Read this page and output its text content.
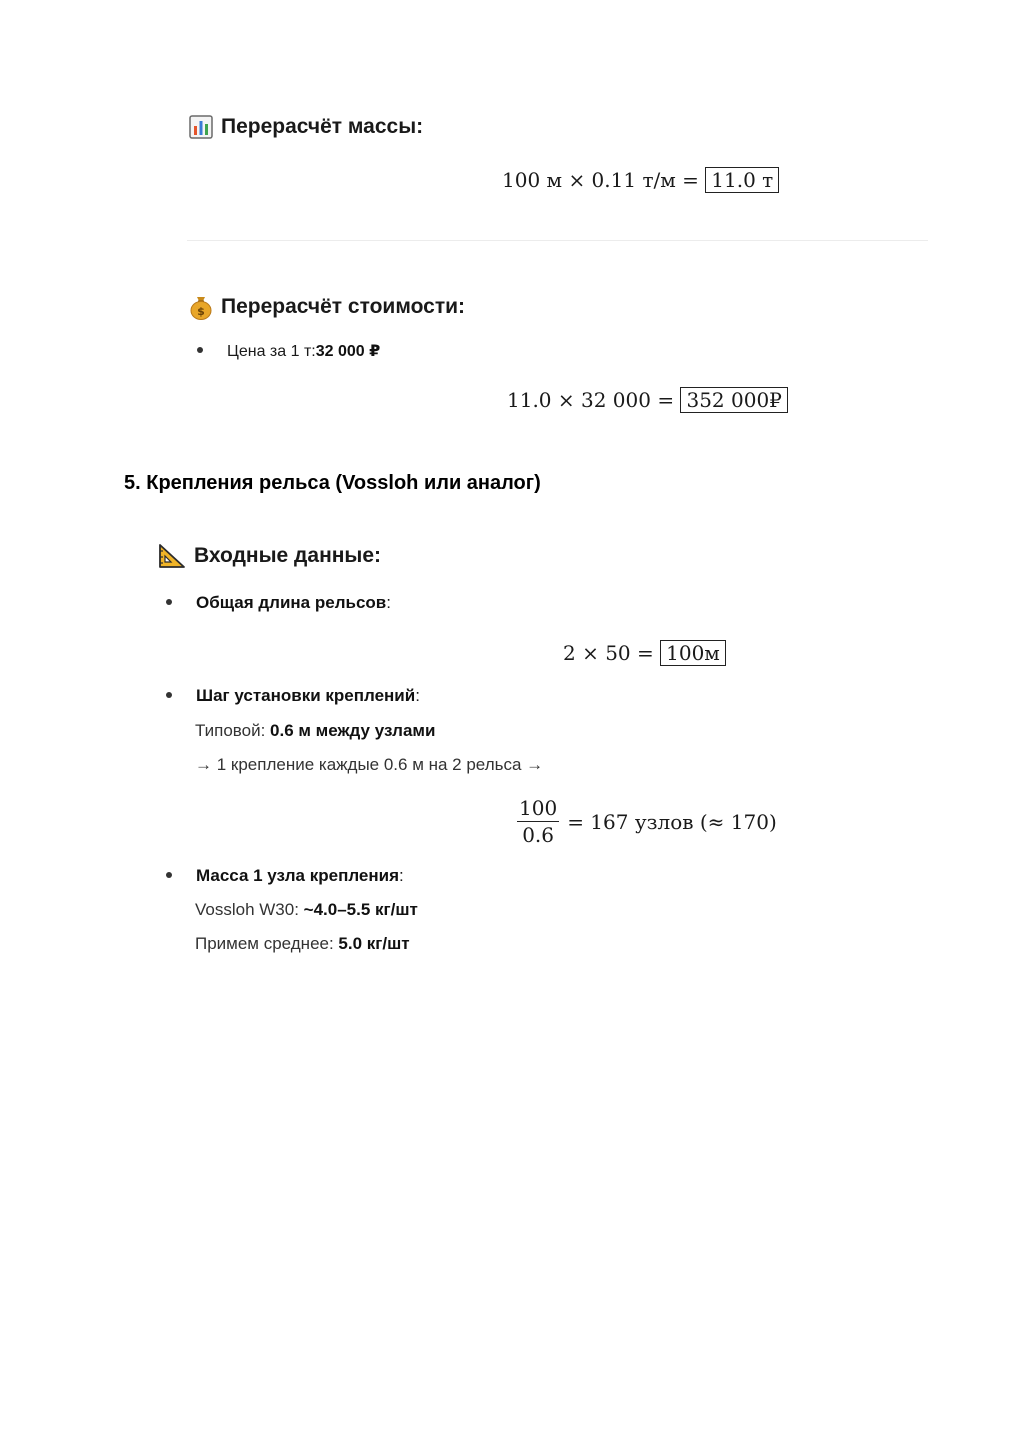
Перерасчёт массы:
100 м × 0.11 т/м = 11.0 т
$ Перерасчёт стоимости:
Цена за 1 т: 32 000 ₽
11.0 × 32 000 = 352 000₽
5. Крепления рельса (Vossloh или аналог)
Входные данные:
Общая длина рельсов :
2 × 50 = 100м
Шаг установки креплений :
Типовой: 0.6 м между узлами
→ 1 крепление каждые 0.6 м на 2 рельса →
$\frac{100}{0.6} = 167$ узлов (≈ 170)
Масса 1 узла крепления :
Vossloh W30: ~4.0–5.5 кг/шт
Примем среднее: 5.0 кг/шт
